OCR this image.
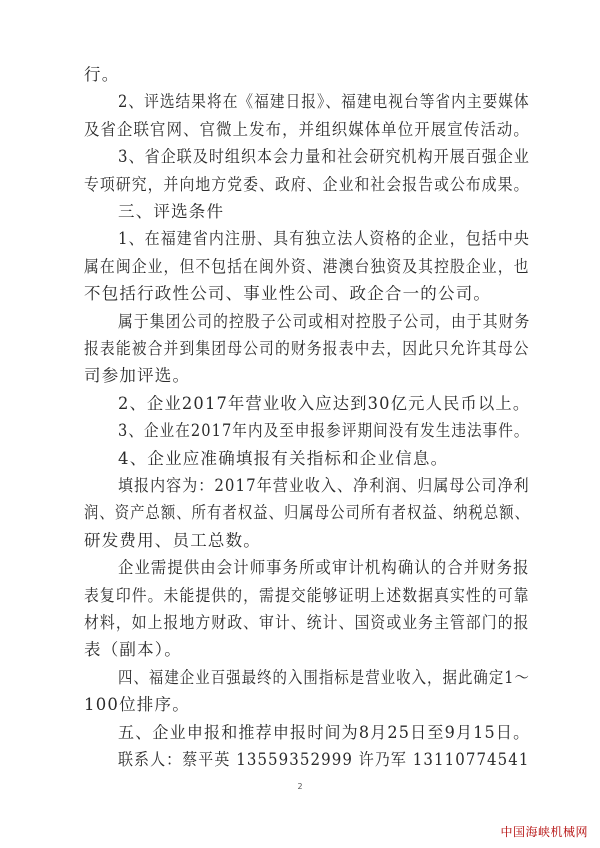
行。
2、评选结果将在《福建日报》、福建电视台等省内主要媒体
及省企联官网、官微上发布，并组织媒体单位开展宣传活动。
3、省企联及时组织本会力量和社会研究机构开展百强企业
专项研究，并向地方党委、政府、企业和社会报告或公布成果。
三、评选条件
1、在福建省内注册、具有独立法人资格的企业，包括中央
属在闽企业，但不包括在闽外资、港澳台独资及其控股企业，也
不包括行政性公司、事业性公司、政企合一的公司。
属于集团公司的控股子公司或相对控股子公司，由于其财务
报表能被合并到集团母公司的财务报表中去，因此只允许其母公
司参加评选。
2、企业2017年营业收入应达到30亿元人民币以上。
3、企业在2017年内及至申报参评期间没有发生违法事件。
4、企业应准确填报有关指标和企业信息。
填报内容为：2017年营业收入、净利润、归属母公司净利
润、资产总额、所有者权益、归属母公司所有者权益、纳税总额、
研发费用、员工总数。
企业需提供由会计师事务所或审计机构确认的合并财务报
表复印件。未能提供的，需提交能够证明上述数据真实性的可靠
材料，如上报地方财政、审计、统计、国资或业务主管部门的报
表（副本）。
四、福建企业百强最终的入围指标是营业收入，据此确定1～
100位排序。
五、企业申报和推荐申报时间为8月25日至9月15日。
联系人：蔡平英 13559352999 许乃军 13110774541
2
中国海峡机械网
